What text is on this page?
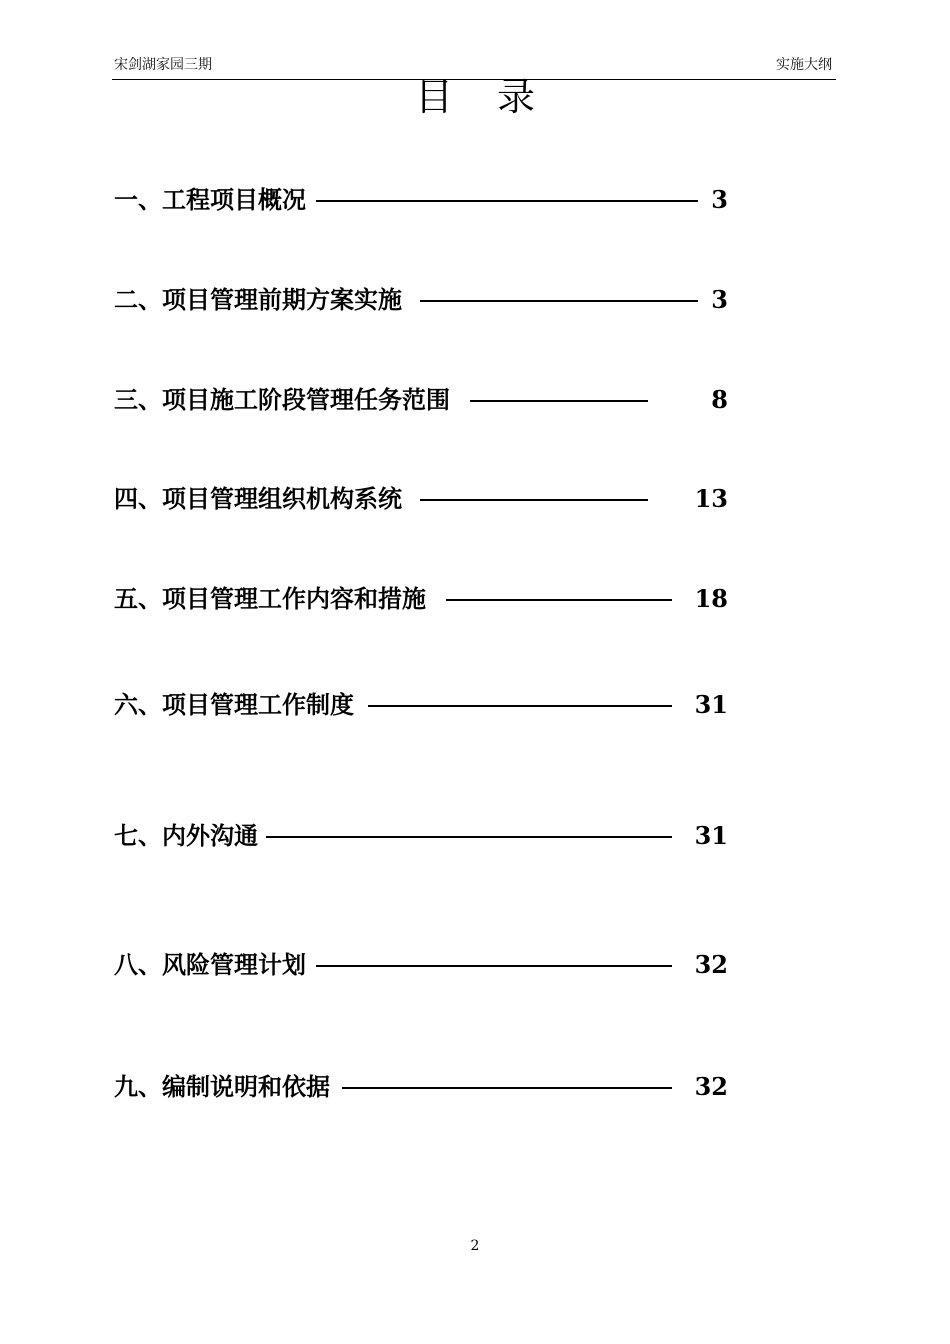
宋剑湖家园三期	实施大纲
目录
一、工程项目概况	3
二、项目管理前期方案实施	3
三、项目施工阶段管理任务范围	8
四、项目管理组织机构系统	13
五、项目管理工作内容和措施	18
六、项目管理工作制度	31
七、内外沟通	31
八、风险管理计划	32
九、编制说明和依据	32
2
